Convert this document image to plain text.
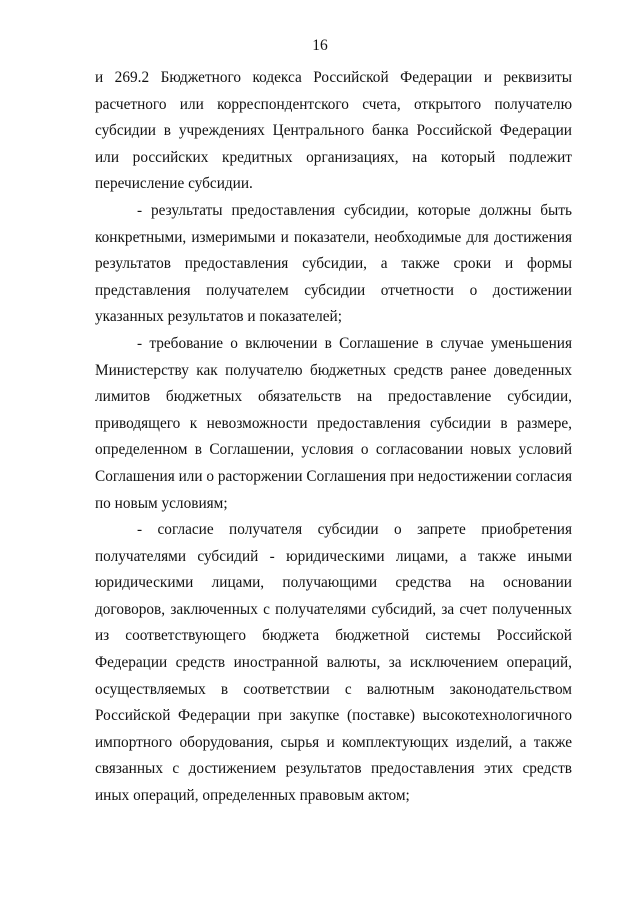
16

и 269.2 Бюджетного кодекса Российской Федерации и реквизиты расчетного или корреспондентского счета, открытого получателю субсидии в учреждениях Центрального банка Российской Федерации или российских кредитных организациях, на который подлежит перечисление субсидии.

- результаты предоставления субсидии, которые должны быть конкретными, измеримыми и показатели, необходимые для достижения результатов предоставления субсидии, а также сроки и формы представления получателем субсидии отчетности о достижении указанных результатов и показателей;

- требование о включении в Соглашение в случае уменьшения Министерству как получателю бюджетных средств ранее доведенных лимитов бюджетных обязательств на предоставление субсидии, приводящего к невозможности предоставления субсидии в размере, определенном в Соглашении, условия о согласовании новых условий Соглашения или о расторжении Соглашения при недостижении согласия по новым условиям;

- согласие получателя субсидии о запрете приобретения получателями субсидий - юридическими лицами, а также иными юридическими лицами, получающими средства на основании договоров, заключенных с получателями субсидий, за счет полученных из соответствующего бюджета бюджетной системы Российской Федерации средств иностранной валюты, за исключением операций, осуществляемых в соответствии с валютным законодательством Российской Федерации при закупке (поставке) высокотехнологичного импортного оборудования, сырья и комплектующих изделий, а также связанных с достижением результатов предоставления этих средств иных операций, определенных правовым актом;
